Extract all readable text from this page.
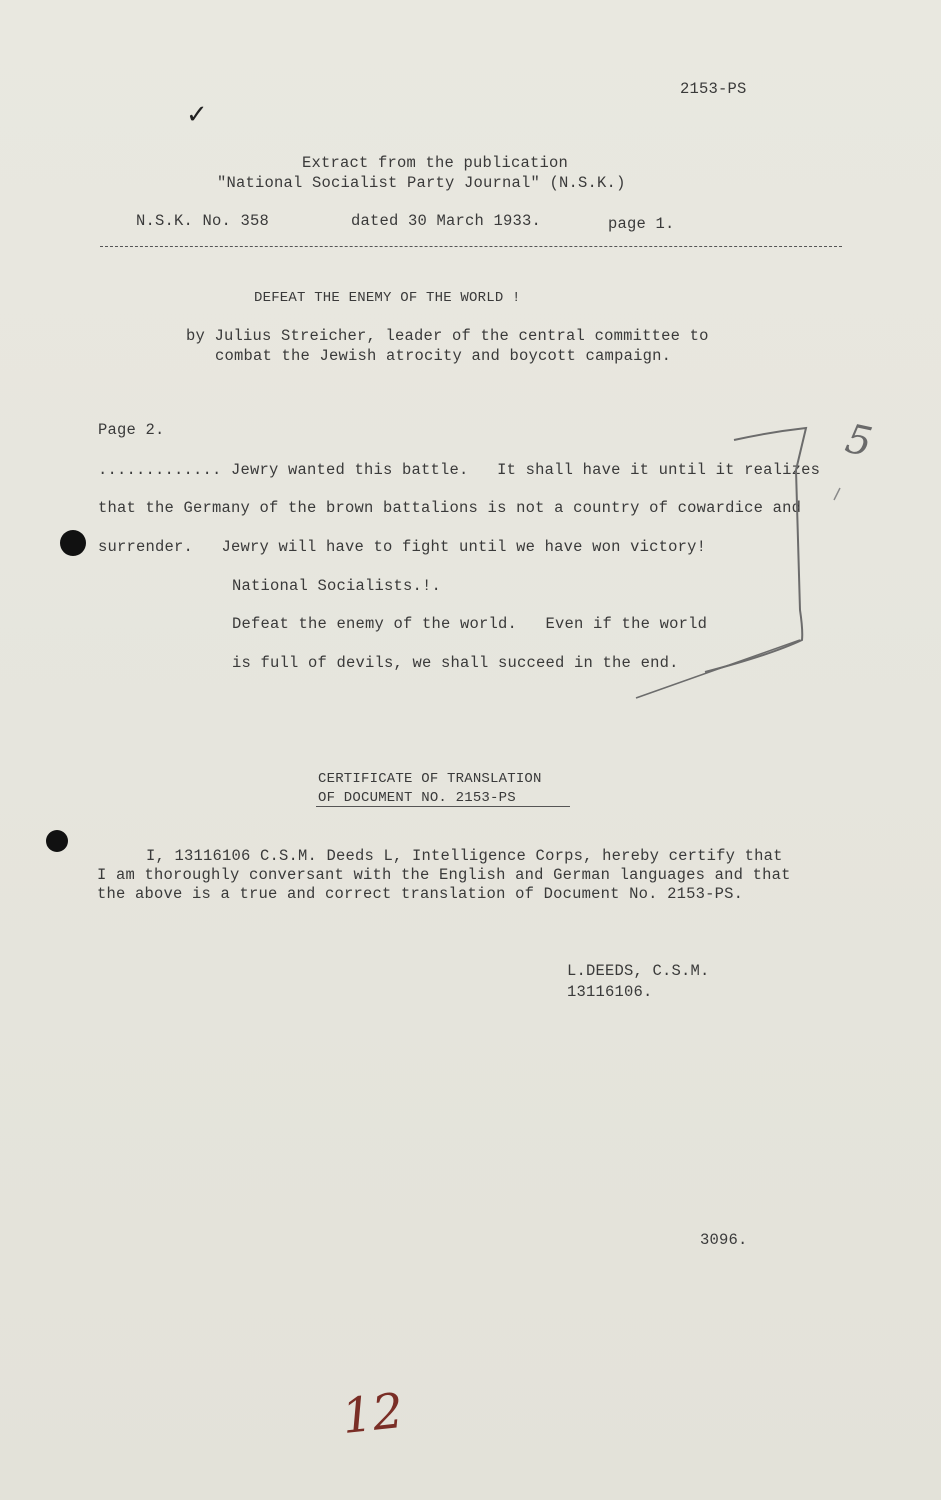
2153-PS
✓
Extract from the publication
"National Socialist Party Journal" (N.S.K.)
N.S.K. No. 358	dated 30 March 1933.	page 1.
DEFEAT THE ENEMY OF THE WORLD !
by Julius Streicher, leader of the central committee to
combat the Jewish atrocity and boycott campaign.
Page 2.
............. Jewry wanted this battle.   It shall have it until it realizes
that the Germany of the brown battalions is not a country of cowardice and
surrender.   Jewry will have to fight until we have won victory!
National Socialists.!.
Defeat the enemy of the world.   Even if the world
is full of devils, we shall succeed in the end.
CERTIFICATE OF TRANSLATION
OF DOCUMENT NO. 2153-PS
I, 13116106 C.S.M. Deeds L, Intelligence Corps, hereby certify that
I am thoroughly conversant with the English and German languages and that
the above is a true and correct translation of Document No. 2153-PS.
L.DEEDS, C.S.M.
13116106.
3096.
12
5
